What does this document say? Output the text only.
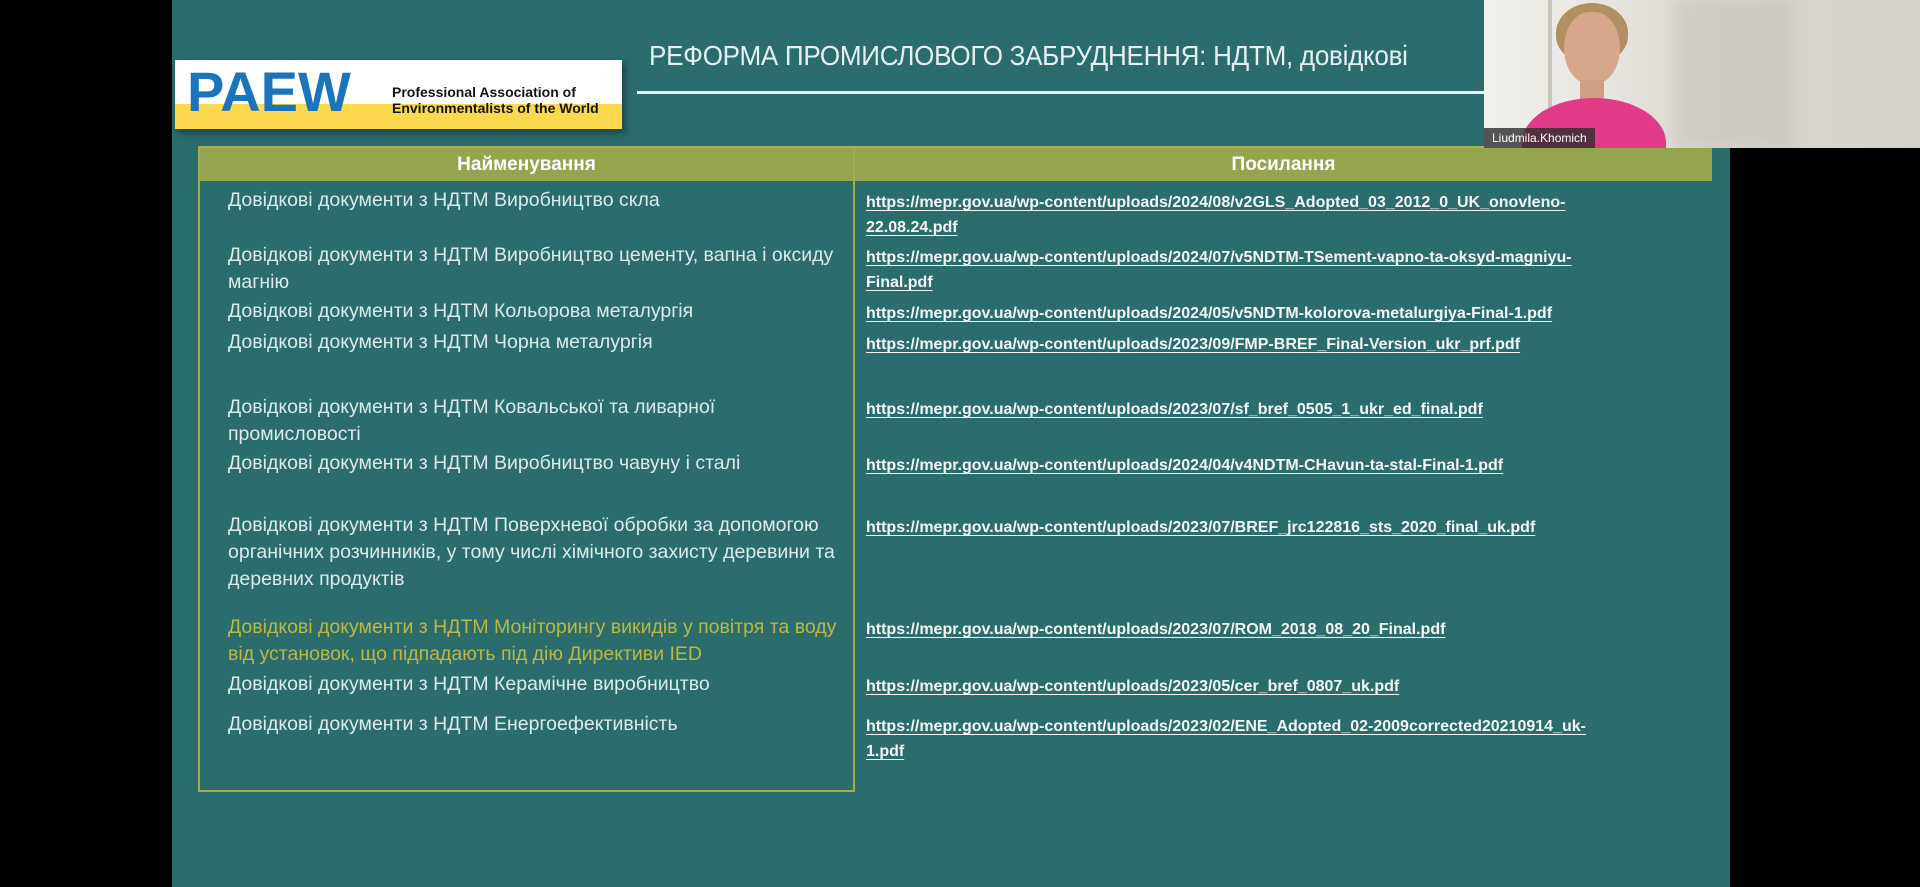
РЕФОРМА ПРОМИСЛОВОГО ЗАБРУДНЕННЯ: НДТМ, довідкові
PAEW	Professional Association of
Environmentalists of the World
Найменування	Посилання
Довідкові документи з НДТМ Виробництво скла	https://mepr.gov.ua/wp-content/uploads/2024/08/v2GLS_Adopted_03_2012_0_UK_onovleno-
22.08.24.pdf
Довідкові документи з НДТМ Виробництво цементу, вапна і оксиду магнію
https://mepr.gov.ua/wp-content/uploads/2024/07/v5NDTM-TSement-vapno-ta-oksyd-magniyu-
Final.pdf
Довідкові документи з НДТМ Кольорова металургія	https://mepr.gov.ua/wp-content/uploads/2024/05/v5NDTM-kolorova-metalurgiya-Final-1.pdf
Довідкові документи з НДТМ Чорна металургія	https://mepr.gov.ua/wp-content/uploads/2023/09/FMP-BREF_Final-Version_ukr_prf.pdf
Довідкові документи з НДТМ Ковальської та ливарної промисловості
https://mepr.gov.ua/wp-content/uploads/2023/07/sf_bref_0505_1_ukr_ed_final.pdf
Довідкові документи з НДТМ Виробництво чавуну і сталі	https://mepr.gov.ua/wp-content/uploads/2024/04/v4NDTM-CHavun-ta-stal-Final-1.pdf
Довідкові документи з НДТМ Поверхневої обробки за допомогою органічних розчинників, у тому числі хімічного захисту деревини та деревних продуктів
https://mepr.gov.ua/wp-content/uploads/2023/07/BREF_jrc122816_sts_2020_final_uk.pdf
Довідкові документи з НДТМ Моніторингу викидів у повітря та воду від установок, що підпадають під дію Директиви IED
https://mepr.gov.ua/wp-content/uploads/2023/07/ROM_2018_08_20_Final.pdf
Довідкові документи з НДТМ Керамічне виробництво	https://mepr.gov.ua/wp-content/uploads/2023/05/cer_bref_0807_uk.pdf
Довідкові документи з НДТМ Енергоефективність	https://mepr.gov.ua/wp-content/uploads/2023/02/ENE_Adopted_02-2009corrected20210914_uk-
1.pdf
Liudmila.Khomich
